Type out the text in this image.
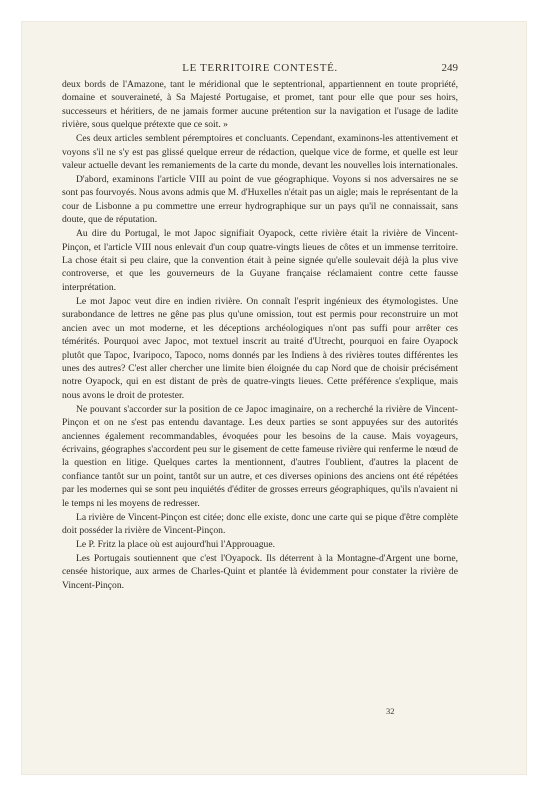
LE TERRITOIRE CONTESTÉ.	249

deux bords de l'Amazone, tant le méridional que le septentrional, appartiennent en toute propriété, domaine et souveraineté, à Sa Majesté Portugaise, et promet, tant pour elle que pour ses hoirs, successeurs et héritiers, de ne jamais former aucune prétention sur la navigation et l'usage de ladite rivière, sous quelque prétexte que ce soit. »

Ces deux articles semblent péremptoires et concluants. Cependant, examinons-les attentivement et voyons s'il ne s'y est pas glissé quelque erreur de rédaction, quelque vice de forme, et quelle est leur valeur actuelle devant les remaniements de la carte du monde, devant les nouvelles lois internationales.

D'abord, examinons l'article VIII au point de vue géographique. Voyons si nos adversaires ne se sont pas fourvoyés. Nous avons admis que M. d'Huxelles n'était pas un aigle; mais le représentant de la cour de Lisbonne a pu commettre une erreur hydrographique sur un pays qu'il ne connaissait, sans doute, que de réputation.

Au dire du Portugal, le mot Japoc signifiait Oyapock, cette rivière était la rivière de Vincent-Pinçon, et l'article VIII nous enlevait d'un coup quatre-vingts lieues de côtes et un immense territoire. La chose était si peu claire, que la convention était à peine signée qu'elle soulevait déjà la plus vive controverse, et que les gouverneurs de la Guyane française réclamaient contre cette fausse interprétation.

Le mot Japoc veut dire en indien rivière. On connaît l'esprit ingénieux des étymologistes. Une surabondance de lettres ne gêne pas plus qu'une omission, tout est permis pour reconstruire un mot ancien avec un mot moderne, et les déceptions archéologiques n'ont pas suffi pour arrêter ces témérités. Pourquoi avec Japoc, mot textuel inscrit au traité d'Utrecht, pourquoi en faire Oyapock plutôt que Tapoc, Ivaripoco, Tapoco, noms donnés par les Indiens à des rivières toutes différentes les unes des autres? C'est aller chercher une limite bien éloignée du cap Nord que de choisir précisément notre Oyapock, qui en est distant de près de quatre-vingts lieues. Cette préférence s'explique, mais nous avons le droit de protester.

Ne pouvant s'accorder sur la position de ce Japoc imaginaire, on a recherché la rivière de Vincent-Pinçon et on ne s'est pas entendu davantage. Les deux parties se sont appuyées sur des autorités anciennes également recommandables, évoquées pour les besoins de la cause. Mais voyageurs, écrivains, géographes s'accordent peu sur le gisement de cette fameuse rivière qui renferme le nœud de la question en litige. Quelques cartes la mentionnent, d'autres l'oublient, d'autres la placent de confiance tantôt sur un point, tantôt sur un autre, et ces diverses opinions des anciens ont été répétées par les modernes qui se sont peu inquiétés d'éditer de grosses erreurs géographiques, qu'ils n'avaient ni le temps ni les moyens de redresser.

La rivière de Vincent-Pinçon est citée; donc elle existe, donc une carte qui se pique d'être complète doit posséder la rivière de Vincent-Pinçon.

Le P. Fritz la place où est aujourd'hui l'Approuague.

Les Portugais soutiennent que c'est l'Oyapock. Ils déterrent à la Montagne-d'Argent une borne, censée historique, aux armes de Charles-Quint et plantée là évidemment pour constater la rivière de Vincent-Pinçon.

32
